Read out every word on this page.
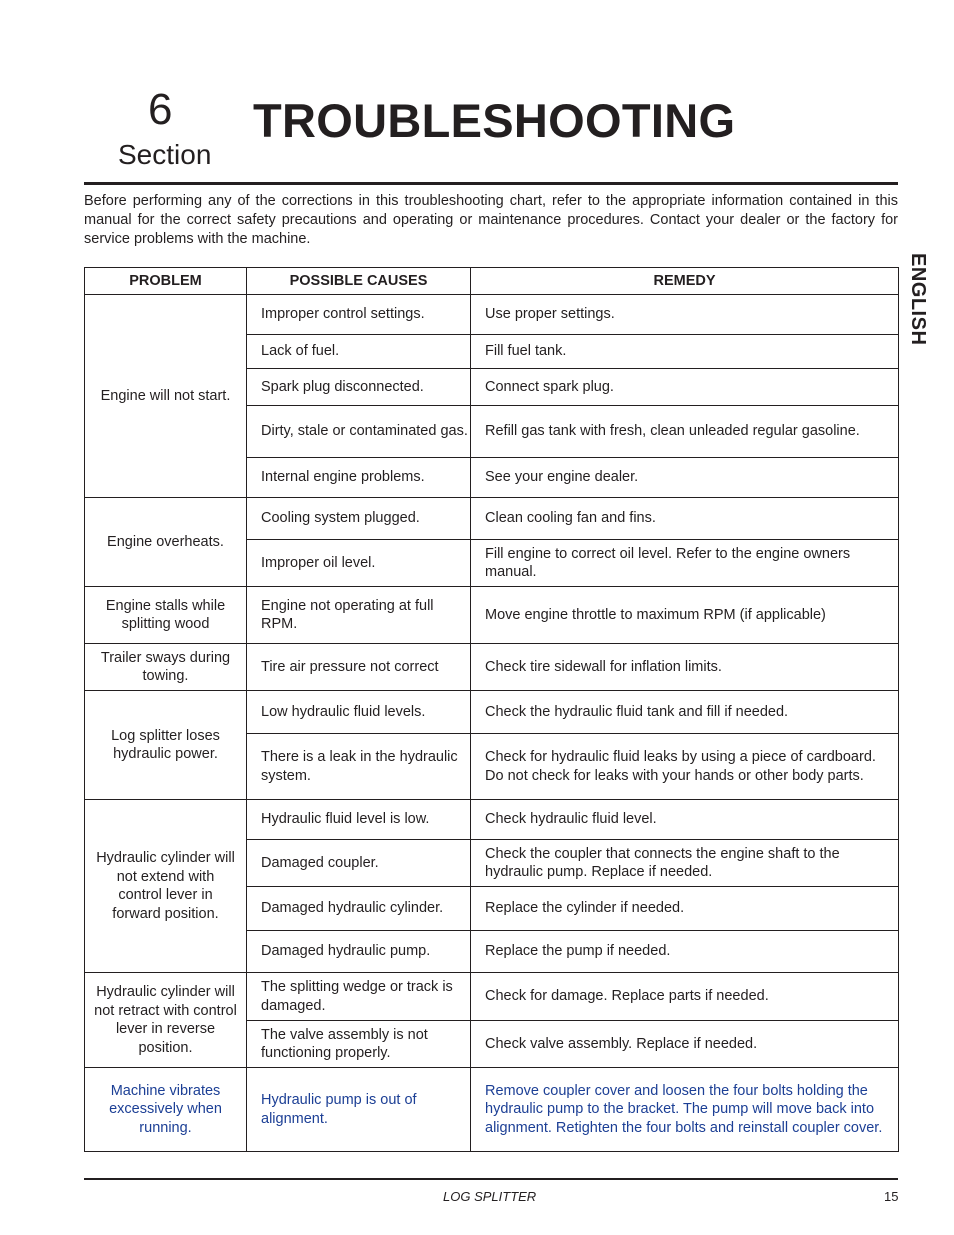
6
Section
TROUBLESHOOTING

Before performing any of the corrections in this troubleshooting chart, refer to the appropriate information contained in this manual for the correct safety precautions and operating or maintenance procedures. Contact your dealer or the factory for service problems with the machine.

ENGLISH
PROBLEM	POSSIBLE CAUSES	REMEDY
Engine will not start.	Improper control settings.	Use proper settings.
	Lack of fuel.	Fill fuel tank.
	Spark plug disconnected.	Connect spark plug.
	Dirty, stale or contaminated gas.	Refill gas tank with fresh, clean unleaded regular gasoline.
	Internal engine problems.	See your engine dealer.
Engine overheats.	Cooling system plugged.	Clean cooling fan and fins.
	Improper oil level.	Fill engine to correct oil level. Refer to the engine owners manual.
Engine stalls while splitting wood	Engine not operating at full RPM.	Move engine throttle to maximum RPM (if applicable)
Trailer sways during towing.	Tire air pressure not correct	Check tire sidewall for inflation limits.
Log splitter loses hydraulic power.	Low hydraulic fluid levels.	Check the hydraulic fluid tank and fill if needed.
	There is a leak in the hydraulic system.	Check for hydraulic fluid leaks by using a piece of cardboard. Do not check for leaks with your hands or other body parts.
Hydraulic cylinder will not extend with control lever in forward position.	Hydraulic fluid level is low.	Check hydraulic fluid level.
	Damaged coupler.	Check the coupler that connects the engine shaft to the hydraulic pump. Replace if needed.
	Damaged hydraulic cylinder.	Replace the cylinder if needed.
	Damaged hydraulic pump.	Replace the pump if needed.
Hydraulic cylinder will not retract with control lever in reverse position.	The splitting wedge or track is damaged.	Check for damage. Replace parts if needed.
	The valve assembly is not functioning properly.	Check valve assembly. Replace if needed.
Machine vibrates excessively when running.	Hydraulic pump is out of alignment.	Remove coupler cover and loosen the four bolts holding the hydraulic pump to the bracket. The pump will move back into alignment. Retighten the four bolts and reinstall coupler cover.
LOG SPLITTER	15
